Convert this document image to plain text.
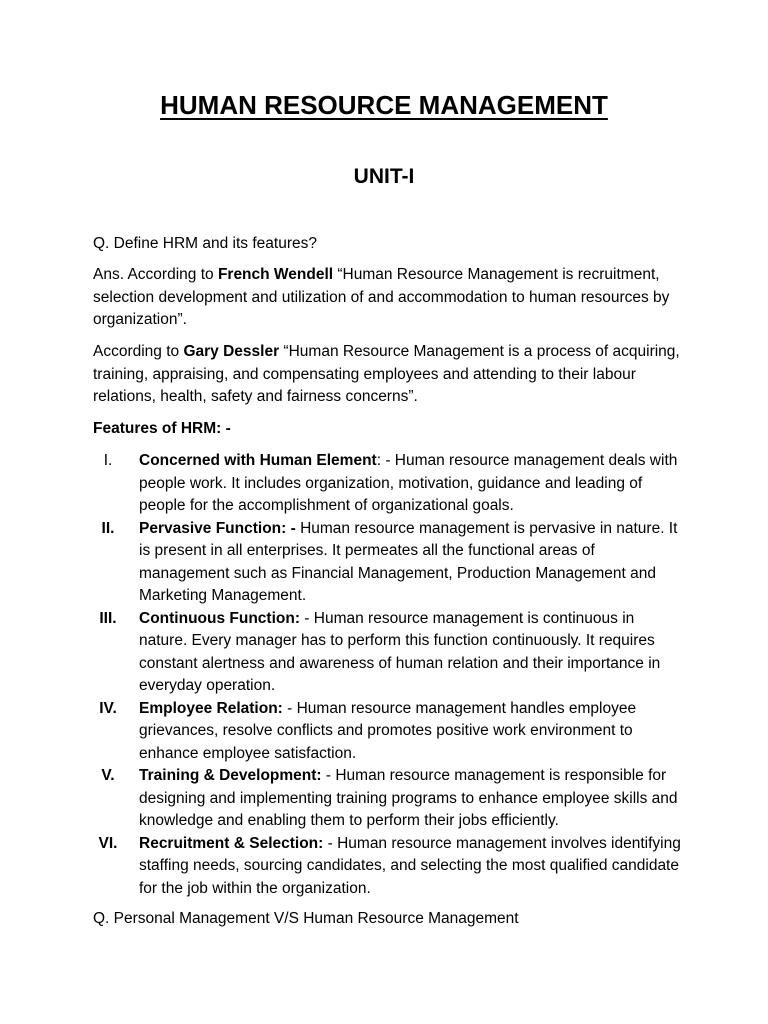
HUMAN RESOURCE MANAGEMENT
UNIT-I
Q. Define HRM and its features?
Ans. According to French Wendell “Human Resource Management is recruitment, selection development and utilization of and accommodation to human resources by organization”.
According to Gary Dessler “Human Resource Management is a process of acquiring, training, appraising, and compensating employees and attending to their labour relations, health, safety and fairness concerns”.
Features of HRM: -
I.	Concerned with Human Element: - Human resource management deals with people work. It includes organization, motivation, guidance and leading of people for the accomplishment of organizational goals.
II.	Pervasive Function: - Human resource management is pervasive in nature. It is present in all enterprises. It permeates all the functional areas of management such as Financial Management, Production Management and Marketing Management.
III.	Continuous Function: - Human resource management is continuous in nature. Every manager has to perform this function continuously. It requires constant alertness and awareness of human relation and their importance in everyday operation.
IV.	Employee Relation: - Human resource management handles employee grievances, resolve conflicts and promotes positive work environment to enhance employee satisfaction.
V.	Training & Development: - Human resource management is responsible for designing and implementing training programs to enhance employee skills and knowledge and enabling them to perform their jobs efficiently.
VI.	Recruitment & Selection: - Human resource management involves identifying staffing needs, sourcing candidates, and selecting the most qualified candidate for the job within the organization.
Q. Personal Management V/S Human Resource Management
